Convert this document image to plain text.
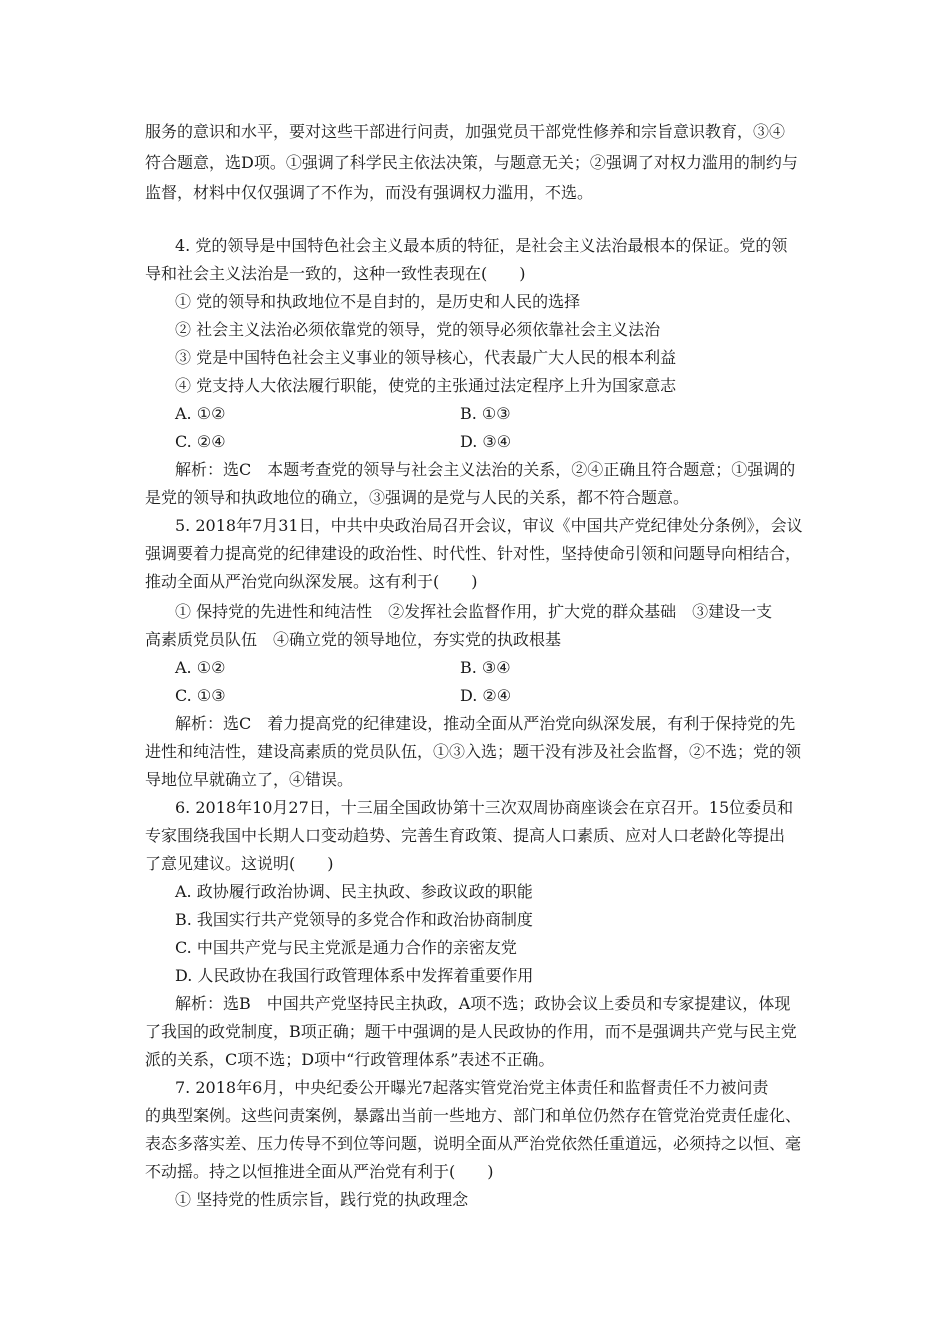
服务的意识和水平，要对这些干部进行问责，加强党员干部党性修养和宗旨意识教育，③④
符合题意，选D项。①强调了科学民主依法决策，与题意无关；②强调了对权力滥用的制约与
监督，材料中仅仅强调了不作为，而没有强调权力滥用，不选。
4. 党的领导是中国特色社会主义最本质的特征，是社会主义法治最根本的保证。党的领
导和社会主义法治是一致的，这种一致性表现在(　　)
① 党的领导和执政地位不是自封的，是历史和人民的选择
② 社会主义法治必须依靠党的领导，党的领导必须依靠社会主义法治
③ 党是中国特色社会主义事业的领导核心，代表最广大人民的根本利益
④ 党支持人大依法履行职能，使党的主张通过法定程序上升为国家意志
A. ①②	B. ①③
C. ②④	D. ③④
解析：选C　本题考查党的领导与社会主义法治的关系，②④正确且符合题意；①强调的
是党的领导和执政地位的确立，③强调的是党与人民的关系，都不符合题意。
5. 2018年7月31日，中共中央政治局召开会议，审议《中国共产党纪律处分条例》，会议
强调要着力提高党的纪律建设的政治性、时代性、针对性，坚持使命引领和问题导向相结合，
推动全面从严治党向纵深发展。这有利于(　　)
① 保持党的先进性和纯洁性　②发挥社会监督作用，扩大党的群众基础　③建设一支
高素质党员队伍　④确立党的领导地位，夯实党的执政根基
A. ①②	B. ③④
C. ①③	D. ②④
解析：选C　着力提高党的纪律建设，推动全面从严治党向纵深发展，有利于保持党的先
进性和纯洁性，建设高素质的党员队伍，①③入选；题干没有涉及社会监督，②不选；党的领
导地位早就确立了，④错误。
6. 2018年10月27日，十三届全国政协第十三次双周协商座谈会在京召开。15位委员和
专家围绕我国中长期人口变动趋势、完善生育政策、提高人口素质、应对人口老龄化等提出
了意见建议。这说明(　　)
A. 政协履行政治协调、民主执政、参政议政的职能
B. 我国实行共产党领导的多党合作和政治协商制度
C. 中国共产党与民主党派是通力合作的亲密友党
D. 人民政协在我国行政管理体系中发挥着重要作用
解析：选B　中国共产党坚持民主执政，A项不选；政协会议上委员和专家提建议，体现
了我国的政党制度，B项正确；题干中强调的是人民政协的作用，而不是强调共产党与民主党
派的关系，C项不选；D项中“行政管理体系”表述不正确。
7. 2018年6月，中央纪委公开曝光7起落实管党治党主体责任和监督责任不力被问责
的典型案例。这些问责案例，暴露出当前一些地方、部门和单位仍然存在管党治党责任虚化、
表态多落实差、压力传导不到位等问题，说明全面从严治党依然任重道远，必须持之以恒、毫
不动摇。持之以恒推进全面从严治党有利于(　　)
① 坚持党的性质宗旨，践行党的执政理念
